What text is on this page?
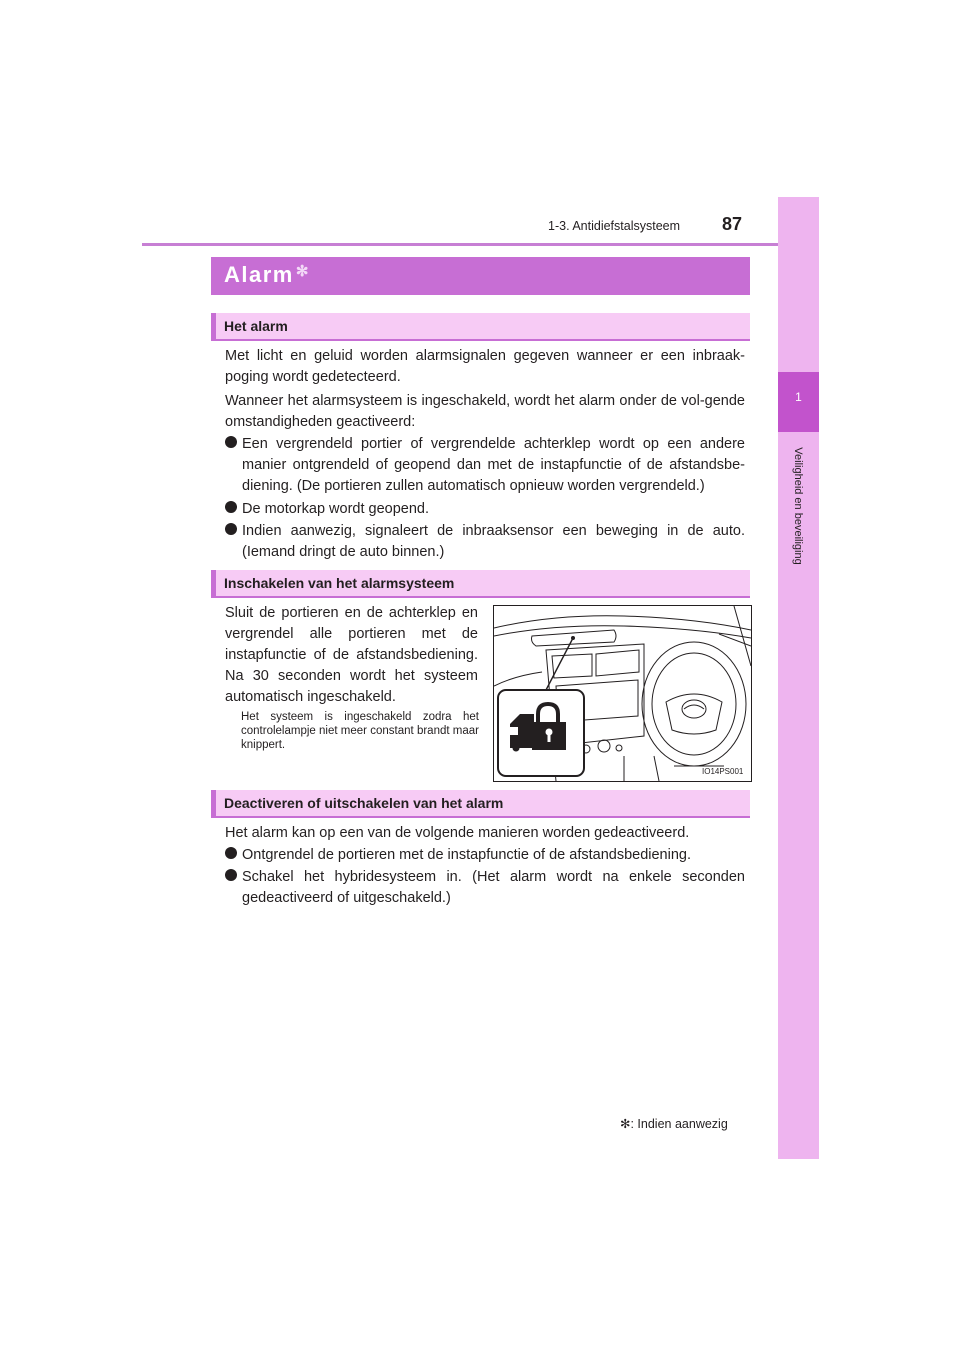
1-3. Antidiefstalsysteem 87
1
Veiligheid en beveiliging
Alarm ✻
Het alarm
Met licht en geluid worden alarmsignalen gegeven wanneer er een inbraak-poging wordt gedetecteerd.
Wanneer het alarmsysteem is ingeschakeld, wordt het alarm onder de vol-gende omstandigheden geactiveerd:
Een vergrendeld portier of vergrendelde achterklep wordt op een andere manier ontgrendeld of geopend dan met de instapfunctie of de afstandsbe-diening. (De portieren zullen automatisch opnieuw worden vergrendeld.)
De motorkap wordt geopend.
Indien aanwezig, signaleert de inbraaksensor een beweging in de auto. (Iemand dringt de auto binnen.)
Inschakelen van het alarmsysteem
Sluit de portieren en de achterklep en vergrendel alle portieren met de instapfunctie of de afstandsbediening. Na 30 seconden wordt het systeem automatisch ingeschakeld.
Het systeem is ingeschakeld zodra het controlelampje niet meer constant brandt maar knippert.
IO14PS001
Deactiveren of uitschakelen van het alarm
Het alarm kan op een van de volgende manieren worden gedeactiveerd.
Ontgrendel de portieren met de instapfunctie of de afstandsbediening.
Schakel het hybridesysteem in. (Het alarm wordt na enkele seconden gedeactiveerd of uitgeschakeld.)
✻: Indien aanwezig
